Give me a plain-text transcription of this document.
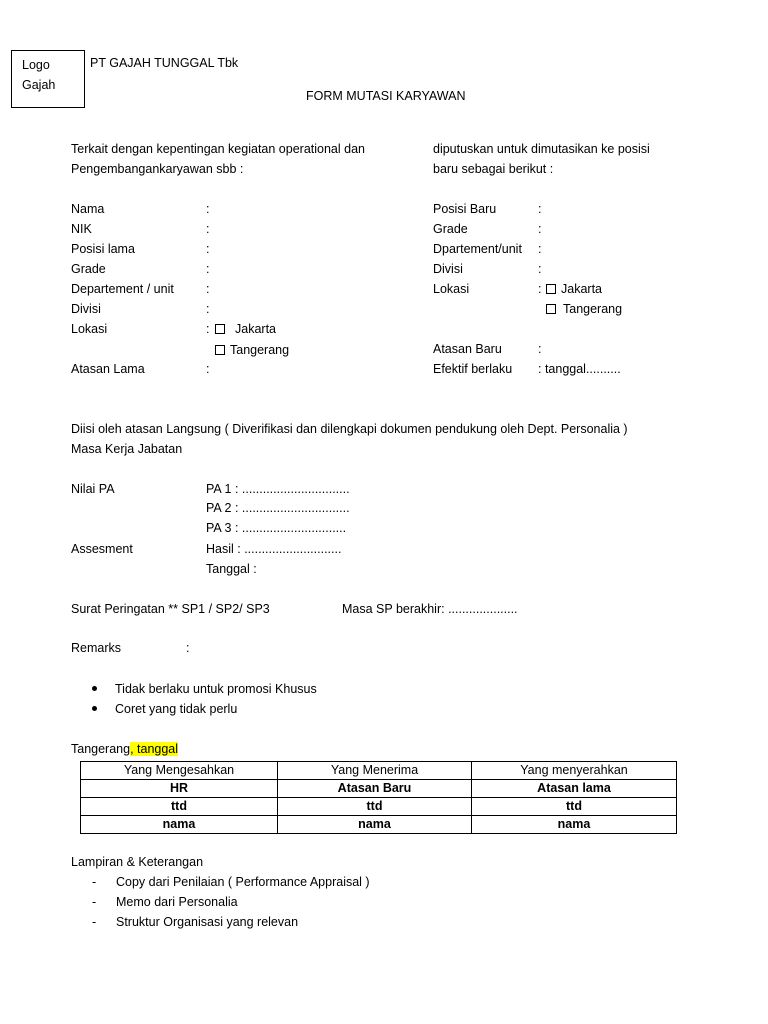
Logo
Gajah
PT GAJAH TUNGGAL Tbk
FORM MUTASI KARYAWAN
Terkait dengan kepentingan kegiatan operational dan
Pengembangankaryawan sbb :
diputuskan untuk dimutasikan ke posisi
baru sebagai berikut :
Nama	:
NIK	:
Posisi lama	:
Grade	:
Departement / unit	:
Divisi	:
Lokasi	:	Jakarta
Tangerang
Atasan Lama	:
Posisi Baru	:
Grade	:
Dpartement/unit :
Divisi	:
Lokasi	:	Jakarta
Tangerang
Atasan Baru	:
Efektif berlaku : tanggal..........
Diisi oleh atasan Langsung ( Diverifikasi dan dilengkapi dokumen pendukung oleh Dept. Personalia )
Masa Kerja Jabatan
Nilai PA	PA 1 : ...............................
PA 2 : ...............................
PA 3 : ..............................
Assesment	Hasil : ............................
Tanggal :
Surat Peringatan ** SP1 / SP2/ SP3	Masa SP berakhir: ....................
Remarks	:
Tidak berlaku untuk promosi Khusus
Coret yang tidak perlu
Tangerang, tanggal
Yang Mengesahkan	Yang Menerima	Yang menyerahkan
HR	Atasan Baru	Atasan lama
ttd	ttd	ttd
nama	nama	nama
Lampiran & Keterangan
- Copy dari Penilaian ( Performance Appraisal )
- Memo dari Personalia
- Struktur Organisasi yang relevan
